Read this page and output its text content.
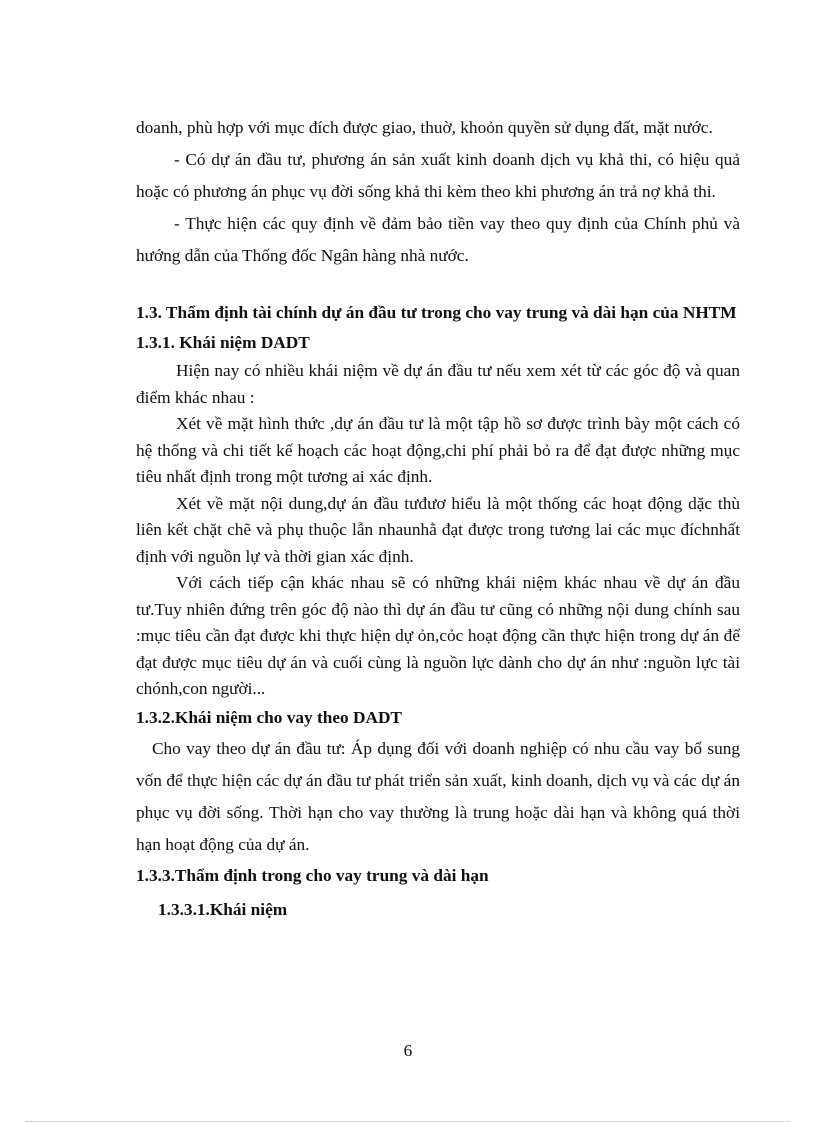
doanh, phù hợp với mục đích được giao, thuờ, khoỏn quyền sử dụng đất, mặt nước.

- Có dự án đầu tư, phương án sản xuất kinh doanh dịch vụ khả thi, có hiệu quả hoặc có phương án phục vụ đời sống khả thi kèm theo khi phương án trả nợ khả thi.

- Thực hiện các quy định về đảm bảo tiền vay theo quy định của Chính phủ và hướng dẫn của Thống đốc Ngân hàng nhà nước.

1.3. Thẩm định tài chính dự án đầu tư trong cho vay trung và dài hạn của NHTM
1.3.1. Khái niệm DADT

Hiện nay có nhiều khái niệm về dự án đầu tư nếu xem xét từ các góc độ và quan điểm khác nhau :

Xét về mặt hình thức ,dự án đầu tư là một tập hồ sơ được trình bày một cách có hệ thống và chi tiết kế hoạch các hoạt động,chi phí phải bỏ ra để đạt được những mục tiêu nhất định trong một tương ai xác định.

Xét về mặt nội dung,dự án đầu tưđươ hiểu là một thống các hoạt động dặc thù liên kết chặt chẽ và phụ thuộc lẫn nhaunhằ đạt được trong tương lai các mục đíchnhất định với nguồn lự và thời gian xác định.

Với cách tiếp cận khác nhau sẽ có những khái niệm khác nhau về dự án đầu tư.Tuy nhiên đứng trên góc độ nào thì dự án đầu tư cũng có những nội dung chính sau :mục tiêu cần đạt được khi thực hiện dự ỏn,cỏc hoạt động cần thực hiện trong dự án để đạt được mục tiêu dự án và cuối cùng là nguồn lực dành cho dự án như :nguồn lực tài chónh,con người...

1.3.2.Khái niệm cho vay theo DADT

Cho vay theo dự án đầu tư: Áp dụng đối với doanh nghiệp có nhu cầu vay bổ sung vốn để thực hiện các dự án đầu tư phát triển sản xuất, kinh doanh, dịch vụ và các dự án phục vụ đời sống. Thời hạn cho vay thường là trung hoặc dài hạn và không quá thời hạn hoạt động của dự án.

1.3.3.Thẩm định trong cho vay trung và dài hạn
1.3.3.1.Khái niệm
6
